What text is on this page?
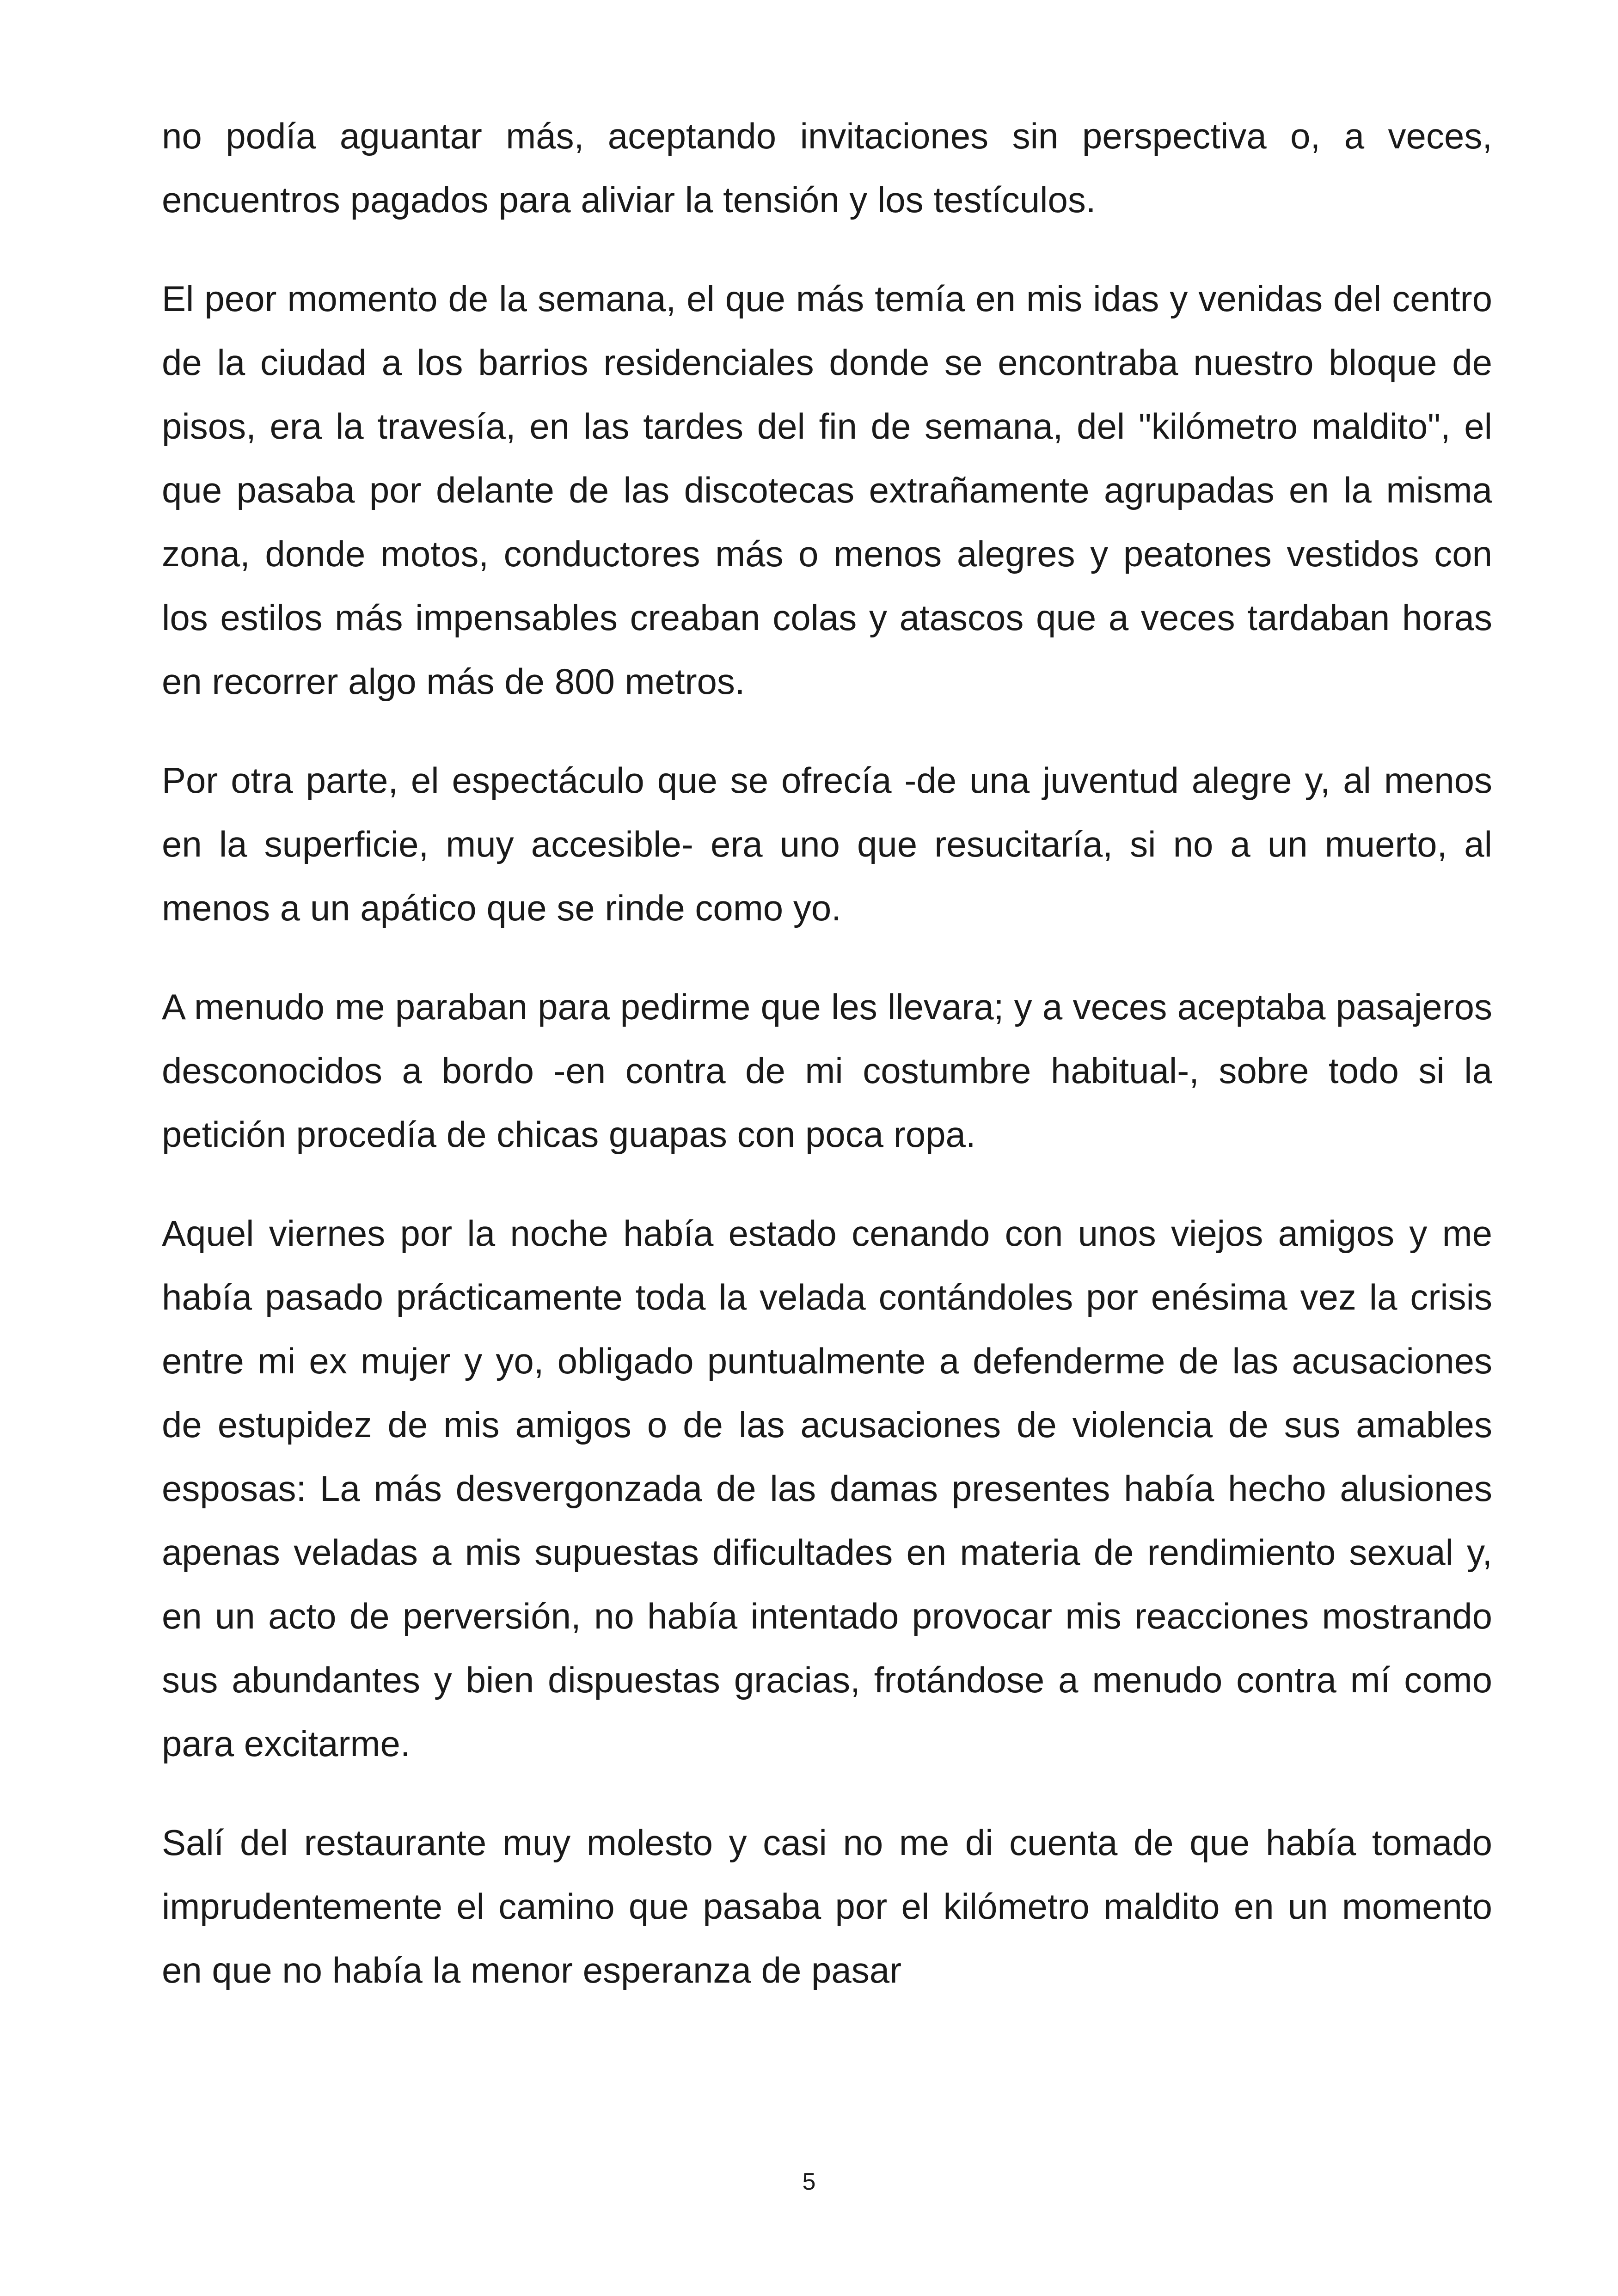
no podía aguantar más, aceptando invitaciones sin perspectiva o, a veces, encuentros pagados para aliviar la tensión y los testículos.

El peor momento de la semana, el que más temía en mis idas y venidas del centro de la ciudad a los barrios residenciales donde se encontraba nuestro bloque de pisos, era la travesía, en las tardes del fin de semana, del "kilómetro maldito", el que pasaba por delante de las discotecas extrañamente agrupadas en la misma zona, donde motos, conductores más o menos alegres y peatones vestidos con los estilos más impensables creaban colas y atascos que a veces tardaban horas en recorrer algo más de 800 metros.

Por otra parte, el espectáculo que se ofrecía -de una juventud alegre y, al menos en la superficie, muy accesible- era uno que resucitaría, si no a un muerto, al menos a un apático que se rinde como yo.

A menudo me paraban para pedirme que les llevara; y a veces aceptaba pasajeros desconocidos a bordo -en contra de mi costumbre habitual-, sobre todo si la petición procedía de chicas guapas con poca ropa.

Aquel viernes por la noche había estado cenando con unos viejos amigos y me había pasado prácticamente toda la velada contándoles por enésima vez la crisis entre mi ex mujer y yo, obligado puntualmente a defenderme de las acusaciones de estupidez de mis amigos o de las acusaciones de violencia de sus amables esposas: La más desvergonzada de las damas presentes había hecho alusiones apenas veladas a mis supuestas dificultades en materia de rendimiento sexual y, en un acto de perversión, no había intentado provocar mis reacciones mostrando sus abundantes y bien dispuestas gracias, frotándose a menudo contra mí como para excitarme.

Salí del restaurante muy molesto y casi no me di cuenta de que había tomado imprudentemente el camino que pasaba por el kilómetro maldito en un momento en que no había la menor esperanza de pasar

5
